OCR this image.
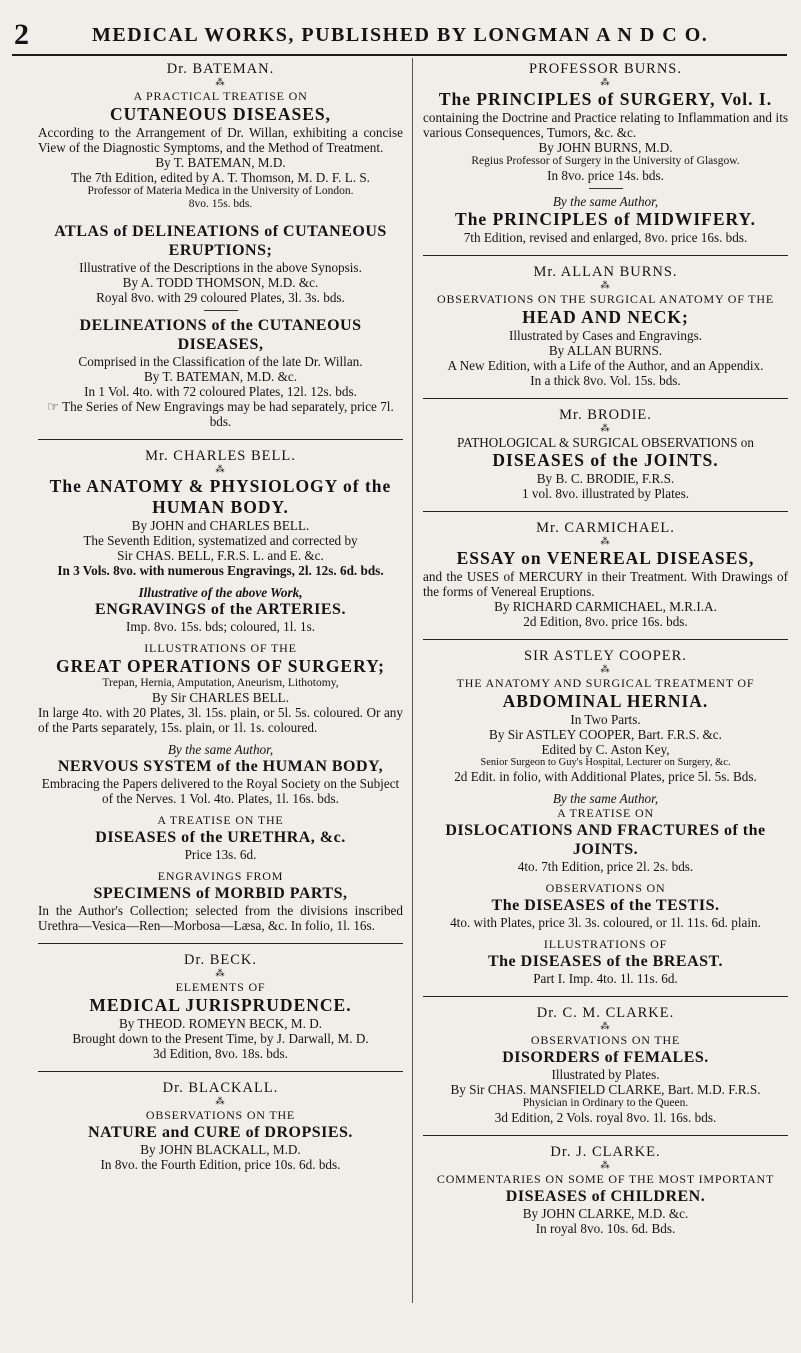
2	MEDICAL WORKS, PUBLISHED BY LONGMAN A N D C O.

Dr. BATEMAN.

⁂

A PRACTICAL TREATISE ON

CUTANEOUS DISEASES,

According to the Arrangement of Dr. Willan, exhibiting a concise View of the Diagnostic Symptoms, and the Method of Treatment.

By T. BATEMAN, M.D.

The 7th Edition, edited by A. T. Thomson, M. D. F. L. S.

Professor of Materia Medica in the University of London.

8vo. 15s. bds.

ATLAS of DELINEATIONS of CUTANEOUS ERUPTIONS;

Illustrative of the Descriptions in the above Synopsis.

By A. TODD THOMSON, M.D. &c.

Royal 8vo. with 29 coloured Plates, 3l. 3s. bds.

DELINEATIONS of the CUTANEOUS DISEASES,

Comprised in the Classification of the late Dr. Willan.

By T. BATEMAN, M.D. &c.

In 1 Vol. 4to. with 72 coloured Plates, 12l. 12s. bds.

☞ The Series of New Engravings may be had separately, price 7l. bds.

Mr. CHARLES BELL.

⁂

The ANATOMY & PHYSIOLOGY of the HUMAN BODY.

By JOHN and CHARLES BELL.

The Seventh Edition, systematized and corrected by

Sir CHAS. BELL, F.R.S. L. and E. &c.

In 3 Vols. 8vo. with numerous Engravings, 2l. 12s. 6d. bds.

Illustrative of the above Work,

ENGRAVINGS of the ARTERIES.

Imp. 8vo. 15s. bds; coloured, 1l. 1s.

ILLUSTRATIONS OF THE

GREAT OPERATIONS OF SURGERY;

Trepan, Hernia, Amputation, Aneurism, Lithotomy,

By Sir CHARLES BELL.

In large 4to. with 20 Plates, 3l. 15s. plain, or 5l. 5s. coloured. Or any of the Parts separately, 15s. plain, or 1l. 1s. coloured.

By the same Author,

NERVOUS SYSTEM of the HUMAN BODY,

Embracing the Papers delivered to the Royal Society on the Subject of the Nerves. 1 Vol. 4to. Plates, 1l. 16s. bds.

A TREATISE ON THE

DISEASES of the URETHRA, &c.

Price 13s. 6d.

ENGRAVINGS FROM

SPECIMENS of MORBID PARTS,

In the Author's Collection; selected from the divisions inscribed Urethra—Vesica—Ren—Morbosa—Læsa, &c. In folio, 1l. 16s.

Dr. BECK.

⁂

ELEMENTS OF

MEDICAL JURISPRUDENCE.

By THEOD. ROMEYN BECK, M. D.

Brought down to the Present Time, by J. Darwall, M. D.

3d Edition, 8vo. 18s. bds.

Dr. BLACKALL.

⁂

OBSERVATIONS ON THE

NATURE and CURE of DROPSIES.

By JOHN BLACKALL, M.D.

In 8vo. the Fourth Edition, price 10s. 6d. bds.

PROFESSOR BURNS.

⁂

The PRINCIPLES of SURGERY, Vol. I.

containing the Doctrine and Practice relating to Inflammation and its various Consequences, Tumors, &c. &c.

By JOHN BURNS, M.D.

Regius Professor of Surgery in the University of Glasgow.

In 8vo. price 14s. bds.

By the same Author,

The PRINCIPLES of MIDWIFERY.

7th Edition, revised and enlarged, 8vo. price 16s. bds.

Mr. ALLAN BURNS.

⁂

OBSERVATIONS ON THE SURGICAL ANATOMY OF THE

HEAD AND NECK;

Illustrated by Cases and Engravings.

By ALLAN BURNS.

A New Edition, with a Life of the Author, and an Appendix.

In a thick 8vo. Vol. 15s. bds.

Mr. BRODIE.

⁂

PATHOLOGICAL & SURGICAL OBSERVATIONS on

DISEASES of the JOINTS.

By B. C. BRODIE, F.R.S.

1 vol. 8vo. illustrated by Plates.

Mr. CARMICHAEL.

⁂

ESSAY on VENEREAL DISEASES,

and the USES of MERCURY in their Treatment. With Drawings of the forms of Venereal Eruptions.

By RICHARD CARMICHAEL, M.R.I.A.

2d Edition, 8vo. price 16s. bds.

SIR ASTLEY COOPER.

⁂

THE ANATOMY AND SURGICAL TREATMENT OF

ABDOMINAL HERNIA.

In Two Parts.

By Sir ASTLEY COOPER, Bart. F.R.S. &c.

Edited by C. Aston Key,

Senior Surgeon to Guy's Hospital, Lecturer on Surgery, &c.

2d Edit. in folio, with Additional Plates, price 5l. 5s. Bds.

By the same Author,

A TREATISE ON

DISLOCATIONS AND FRACTURES of the JOINTS.

4to. 7th Edition, price 2l. 2s. bds.

OBSERVATIONS ON

The DISEASES of the TESTIS.

4to. with Plates, price 3l. 3s. coloured, or 1l. 11s. 6d. plain.

ILLUSTRATIONS OF

The DISEASES of the BREAST.

Part I. Imp. 4to. 1l. 11s. 6d.

Dr. C. M. CLARKE.

⁂

OBSERVATIONS ON THE

DISORDERS of FEMALES.

Illustrated by Plates.

By Sir CHAS. MANSFIELD CLARKE, Bart. M.D. F.R.S.

Physician in Ordinary to the Queen.

3d Edition, 2 Vols. royal 8vo. 1l. 16s. bds.

Dr. J. CLARKE.

⁂

COMMENTARIES ON SOME OF THE MOST IMPORTANT

DISEASES of CHILDREN.

By JOHN CLARKE, M.D. &c.

In royal 8vo. 10s. 6d. Bds.
